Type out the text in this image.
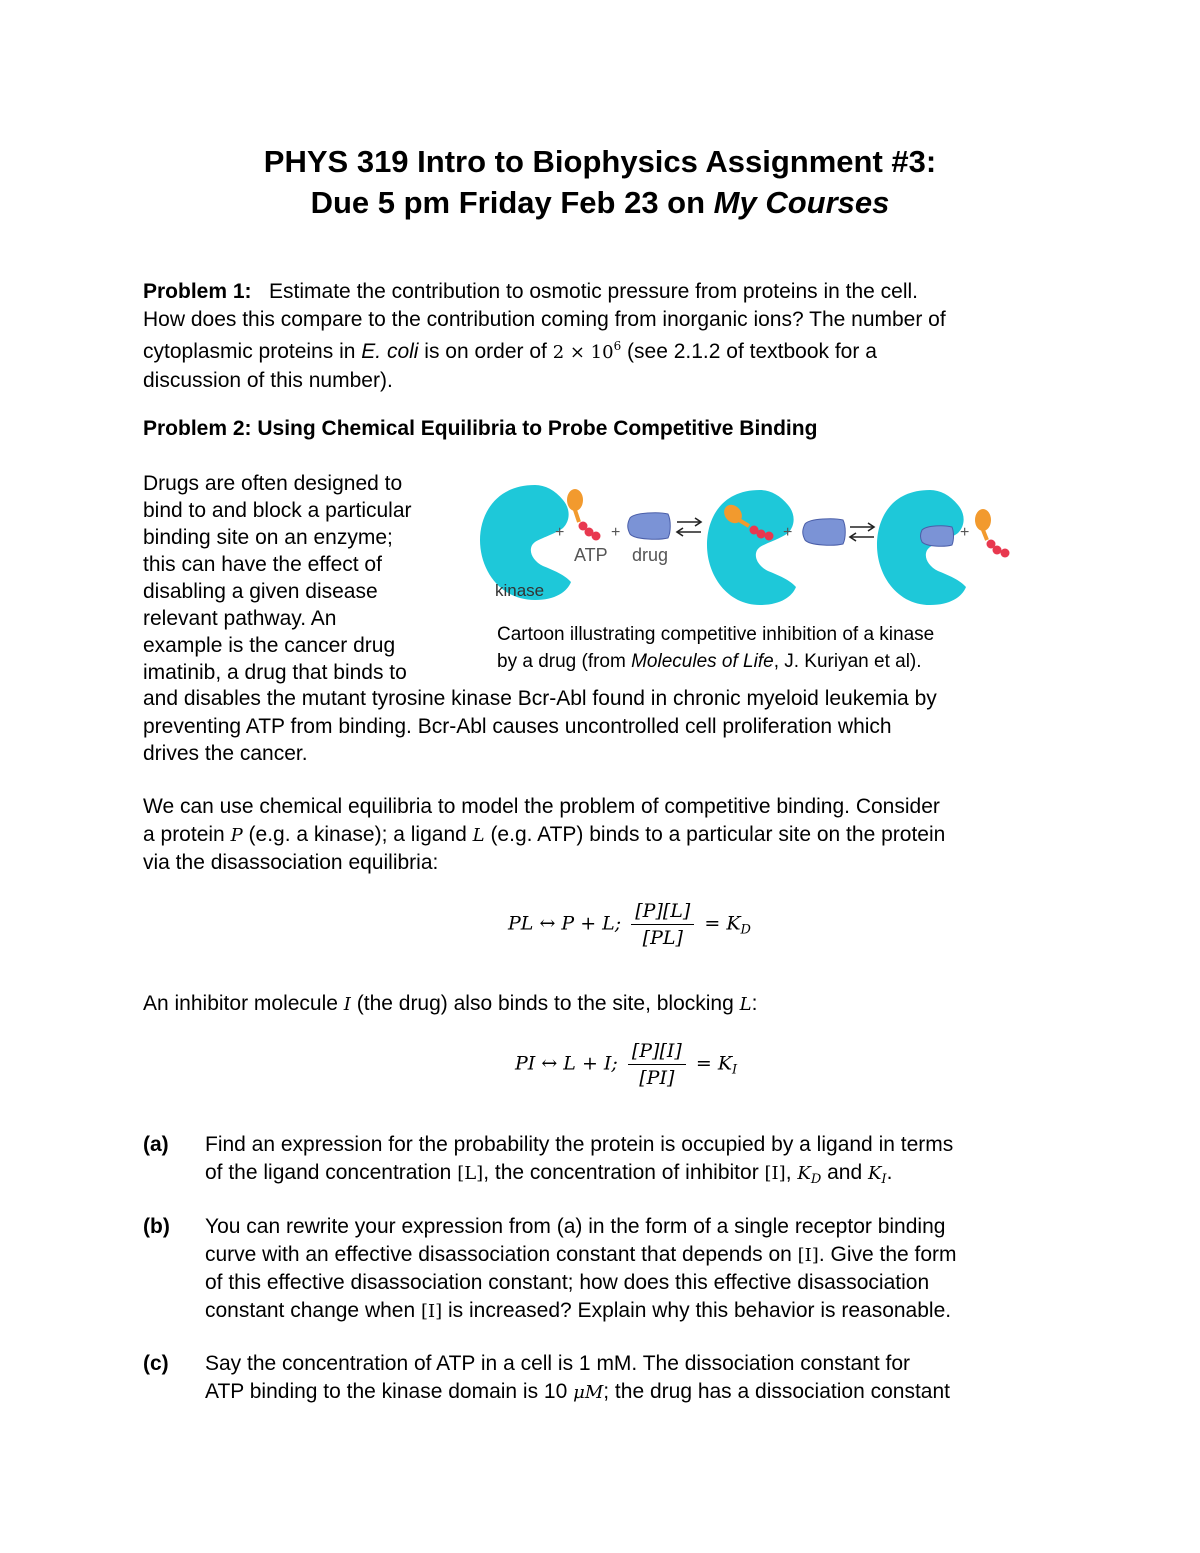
PHYS 319 Intro to Biophysics Assignment #3:
Due 5 pm Friday Feb 23 on My Courses
Problem 1: Estimate the contribution to osmotic pressure from proteins in the cell.
How does this compare to the contribution coming from inorganic ions? The number of
cytoplasmic proteins in E. coli is on order of $2 \times 10^6$ (see 2.1.2 of textbook for a
discussion of this number).
Problem 2: Using Chemical Equilibria to Probe Competitive Binding
Drugs are often designed to
bind to and block a particular
binding site on an enzyme;
this can have the effect of
disabling a given disease
relevant pathway. An
example is the cancer drug
imatinib, a drug that binds to
kinase
+
ATP
+
drug
+	+
Cartoon illustrating competitive inhibition of a kinase
by a drug (from Molecules of Life, J. Kuriyan et al).
and disables the mutant tyrosine kinase Bcr-Abl found in chronic myeloid leukemia by
preventing ATP from binding. Bcr-Abl causes uncontrolled cell proliferation which
drives the cancer.
We can use chemical equilibria to model the problem of competitive binding. Consider
a protein P (e.g. a kinase); a ligand L (e.g. ATP) binds to a particular site on the protein
via the disassociation equilibria:
PL ↔ P + L; $\frac{[P][L]}{[PL]} = K_D$
An inhibitor molecule I (the drug) also binds to the site, blocking L:
PI ↔ L + I; $\frac{[P][I]}{[PI]} = K_I$
(a) Find an expression for the probability the protein is occupied by a ligand in terms
of the ligand concentration [L], the concentration of inhibitor [I], $K_D$ and $K_I$.
(b) You can rewrite your expression from (a) in the form of a single receptor binding
curve with an effective disassociation constant that depends on [I]. Give the form
of this effective disassociation constant; how does this effective disassociation
constant change when [I] is increased? Explain why this behavior is reasonable.
(c) Say the concentration of ATP in a cell is 1 mM. The dissociation constant for
ATP binding to the kinase domain is 10 μM; the drug has a dissociation constant
